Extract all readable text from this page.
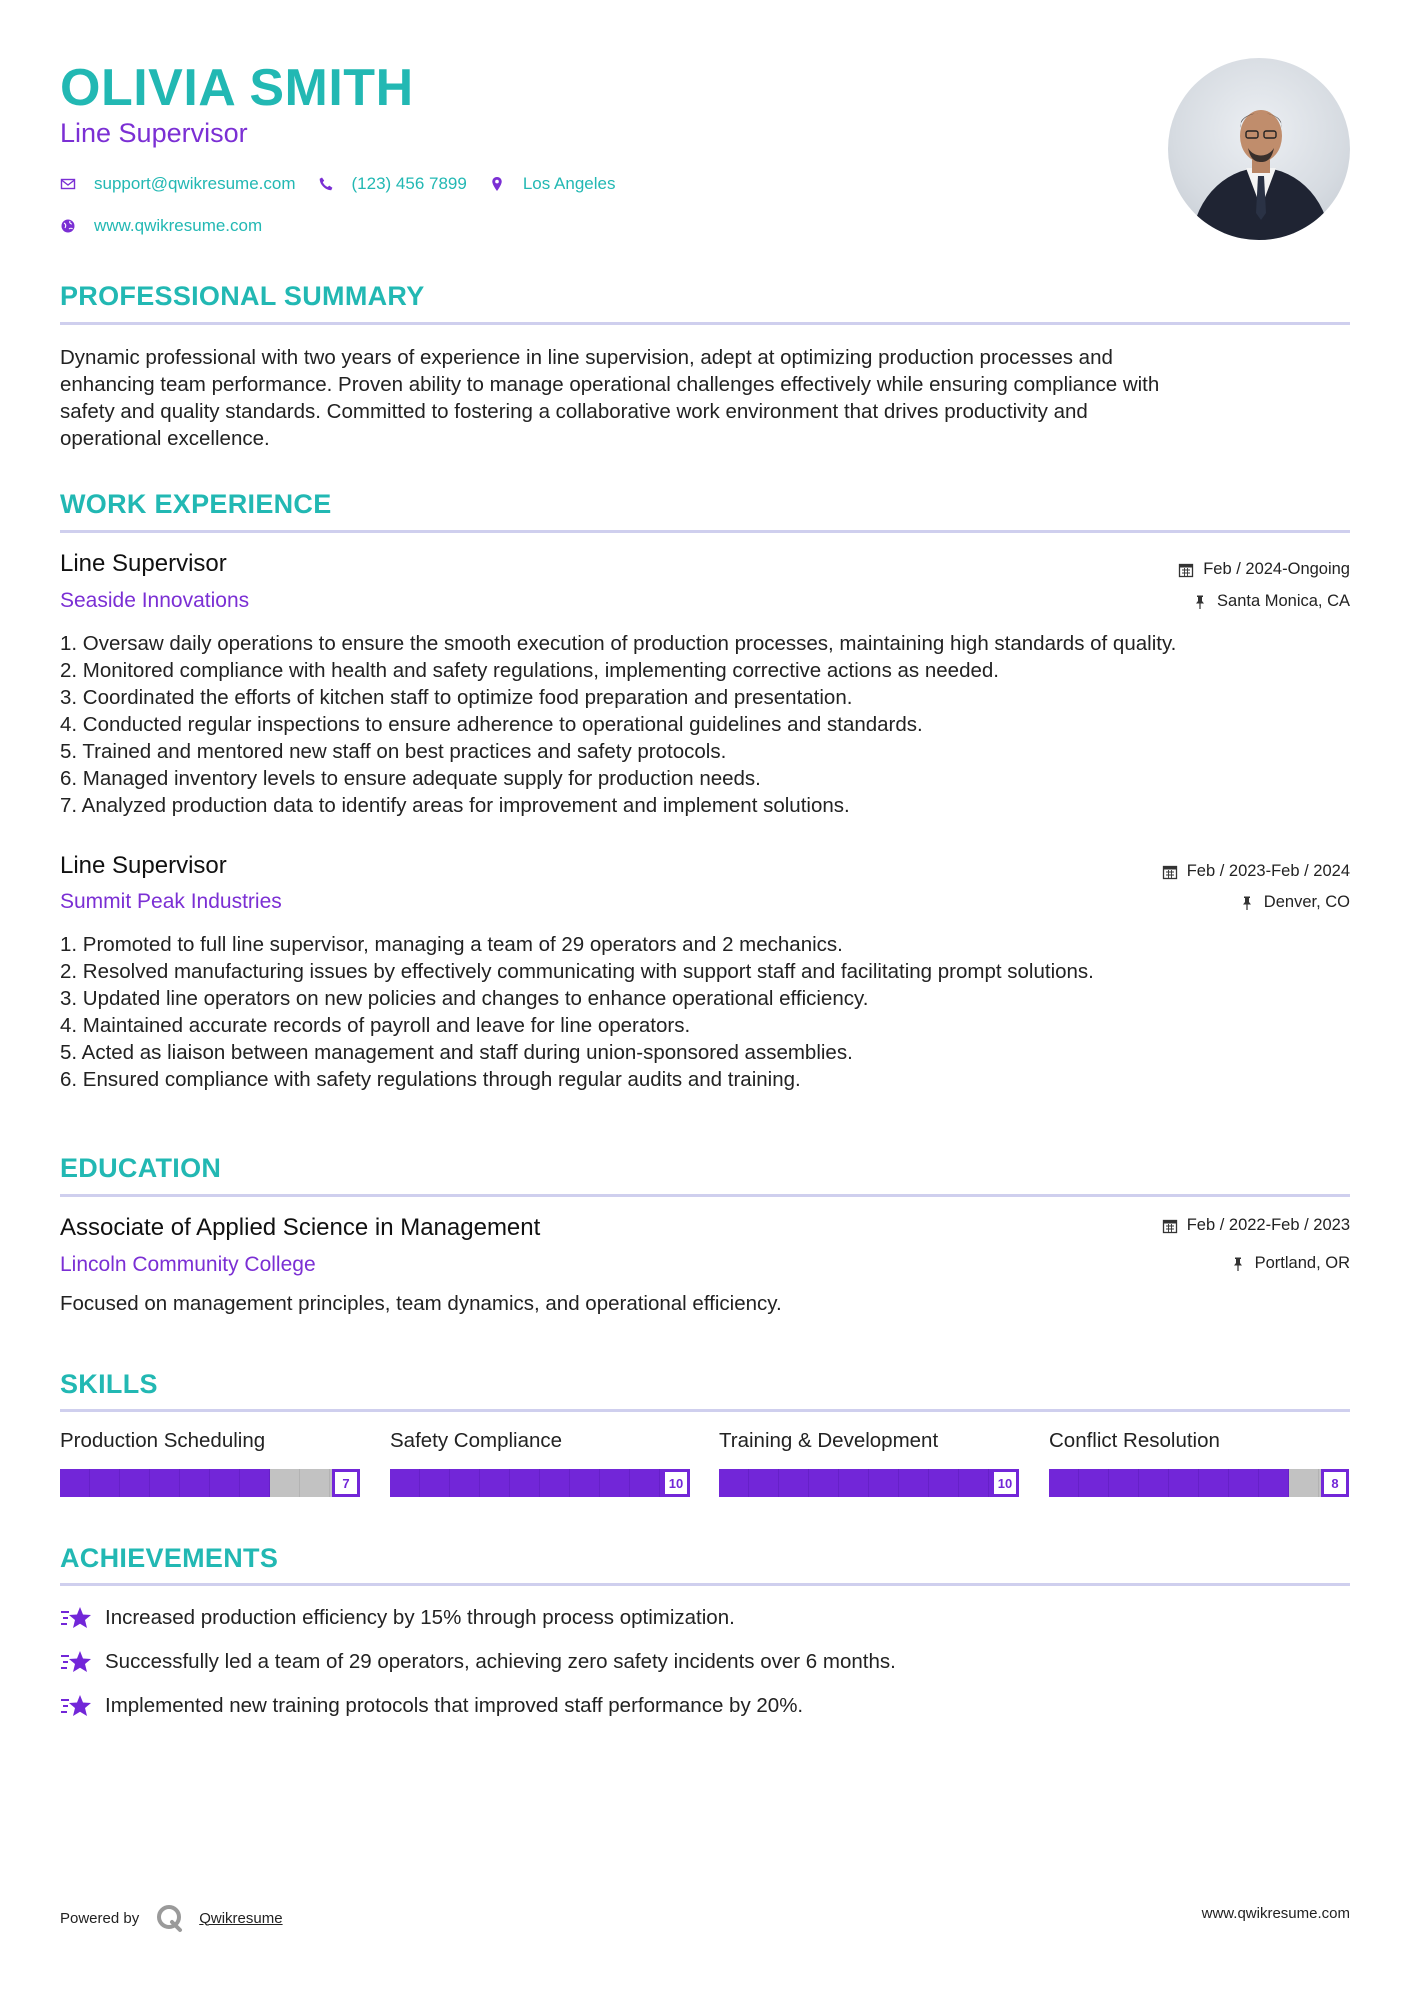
OLIVIA SMITH
Line Supervisor
support@qwikresume.com	(123) 456 7899	Los Angeles
www.qwikresume.com
PROFESSIONAL SUMMARY
Dynamic professional with two years of experience in line supervision, adept at optimizing production processes and
enhancing team performance. Proven ability to manage operational challenges effectively while ensuring compliance with
safety and quality standards. Committed to fostering a collaborative work environment that drives productivity and
operational excellence.
WORK EXPERIENCE
Line Supervisor
Seaside Innovations
Feb / 2024-Ongoing
Santa Monica, CA
1. Oversaw daily operations to ensure the smooth execution of production processes, maintaining high standards of quality.
2. Monitored compliance with health and safety regulations, implementing corrective actions as needed.
3. Coordinated the efforts of kitchen staff to optimize food preparation and presentation.
4. Conducted regular inspections to ensure adherence to operational guidelines and standards.
5. Trained and mentored new staff on best practices and safety protocols.
6. Managed inventory levels to ensure adequate supply for production needs.
7. Analyzed production data to identify areas for improvement and implement solutions.
Line Supervisor
Summit Peak Industries
Feb / 2023-Feb / 2024
Denver, CO
1. Promoted to full line supervisor, managing a team of 29 operators and 2 mechanics.
2. Resolved manufacturing issues by effectively communicating with support staff and facilitating prompt solutions.
3. Updated line operators on new policies and changes to enhance operational efficiency.
4. Maintained accurate records of payroll and leave for line operators.
5. Acted as liaison between management and staff during union-sponsored assemblies.
6. Ensured compliance with safety regulations through regular audits and training.
EDUCATION
Associate of Applied Science in Management
Lincoln Community College
Feb / 2022-Feb / 2023
Portland, OR
Focused on management principles, team dynamics, and operational efficiency.
SKILLS
Production Scheduling
7
Safety Compliance
10
Training & Development
10
Conflict Resolution
8
ACHIEVEMENTS
Increased production efficiency by 15% through process optimization.
Successfully led a team of 29 operators, achieving zero safety incidents over 6 months.
Implemented new training protocols that improved staff performance by 20%.
Powered by	Qwikresume	www.qwikresume.com
